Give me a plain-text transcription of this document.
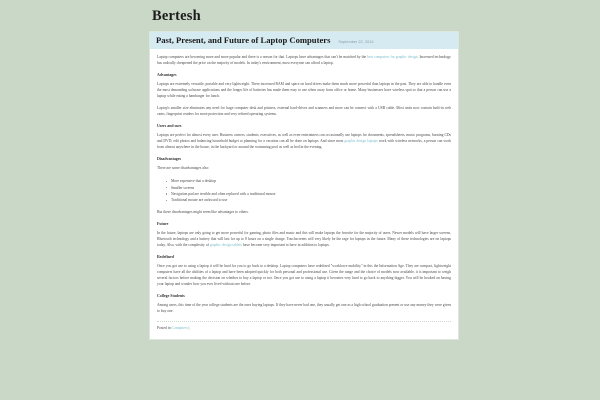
Bertesh
Past, Present, and Future of Laptop Computers September 22, 2014

Laptop computers are becoming more and more popular and there is a reason for that. Laptops have advantages that can't be matched by the best computers for graphic design. Increased technology has radically cheapened the price on the majority of models. In today's environment, most everyone can afford a laptop.

Advantages

Laptops are extremely versatile, portable and very lightweight. There increased RAM and space on hard drives make them much more powerful than laptops in the past. They are able to handle even the most demanding software applications and the longer life of batteries has made them easy to use when away from office or home. Many businesses have wireless spot so that a person can use a laptop while eating a hamburger for lunch.

Laptop's smaller size eliminates any need for large computer desk and printers, external hard-drives and scanners and more can be connect with a USB cable. Most units now contain built-in web cams, fingerprint readers for more protection and very refined operating systems.

Users and uses

Laptops are perfect for almost every user. Business owners, students, executives, as well as even entertainers can occasionally use laptops for documents, spreadsheets, music programs, burning CDs and DVD, edit photos and balancing household budget or planning for a vacation can all be done on laptops. And since most graphic design laptops work with wireless networks, a person can work from almost anywhere in the house, in the backyard or around the swimming pool as well as bed in the evening.

Disadvantages

There are some disadvantages also:

More expensive that a desktop
Smaller screens
Navigation pad are terrible and often replaced with a traditional mouse
Traditional mouse are awkward to use

But these disadvantages might seem like advantages to others.

Future

In the future, laptops are only going to get more powerful for gaming, photo files and music and this will make laptops the favorite for the majority of users. Newer models will have larger screens, Bluetooth technology and a battery that will last for up to 8 hours on a single charge. Touchscreens will very likely be the rage for laptops in the future. Many of these technologies are on laptops today. Also, with the complexity of graphic design tablets have become very important to have in addition to laptops.

Redefined

Once you got use to using a laptop it will be hard for you to go back to a desktop. Laptop computers have redefined "workforce mobility" in this the Information Age. They are compact, lightweight computers have all the abilities of a laptop and have been adopted quickly for both personal and professional use. Given the range and the choice of models now available, it is important to weigh several factors before making the decision on whether to buy a laptop or not. Once you got use to using a laptop it becomes very hard to go back to anything bigger. You will be hooked on having your laptop and wonder how you ever lived without one before.

College Students

Among users, this time of the year college students are the ones buying laptops. If they have never had one, they usually get one as a high school graduation present or use any money they were given to buy one.

Posted in Computers |
